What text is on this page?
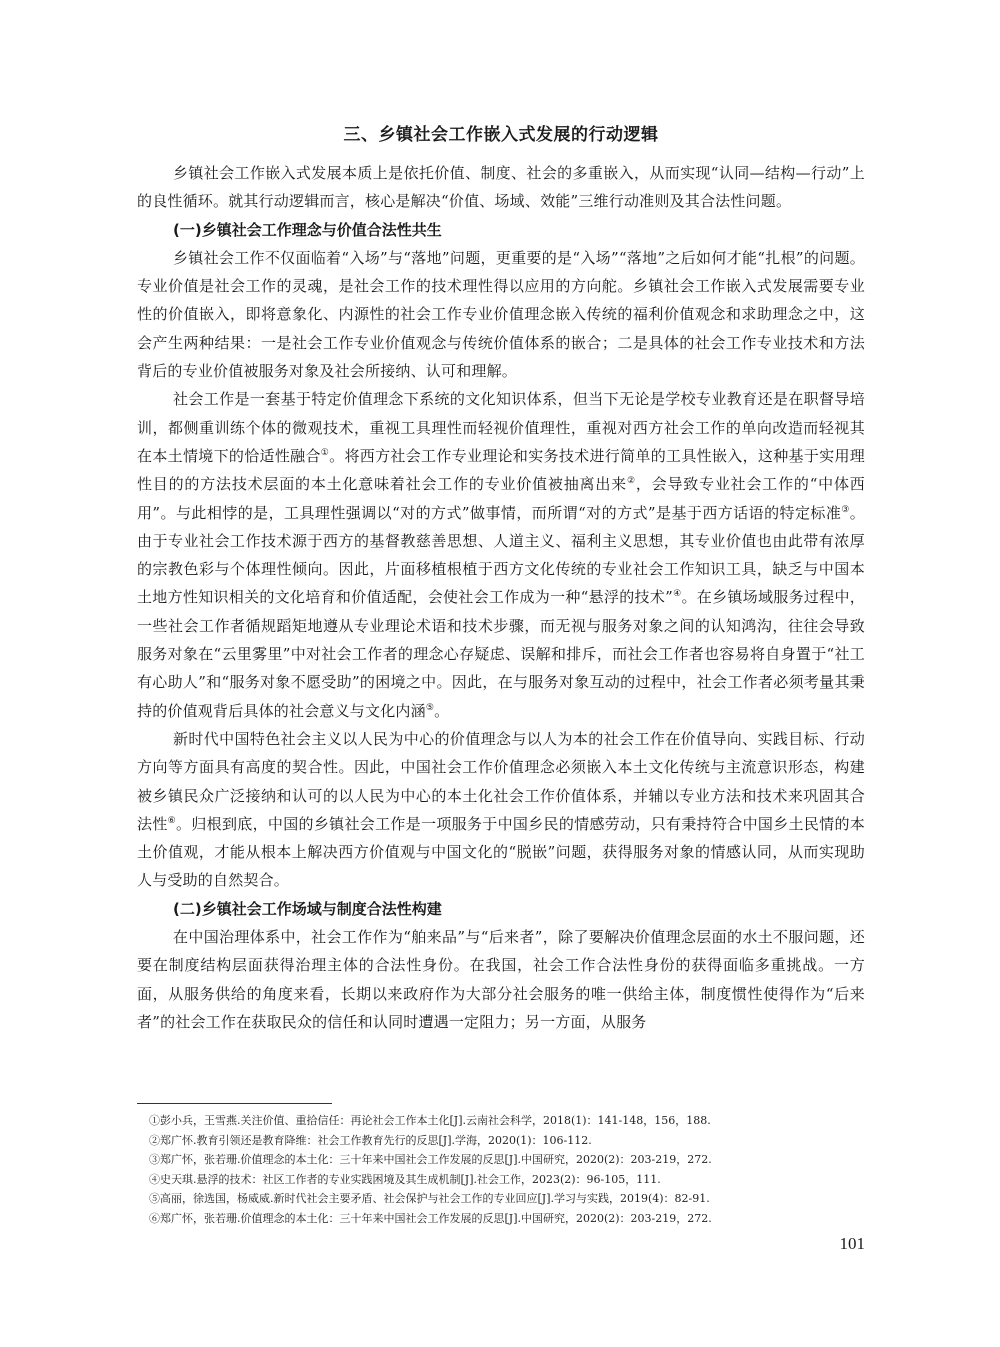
三、乡镇社会工作嵌入式发展的行动逻辑

乡镇社会工作嵌入式发展本质上是依托价值、制度、社会的多重嵌入，从而实现“认同—结构—行动”上的良性循环。就其行动逻辑而言，核心是解决“价值、场域、效能”三维行动准则及其合法性问题。

(一)乡镇社会工作理念与价值合法性共生

乡镇社会工作不仅面临着“入场”与“落地”问题，更重要的是“入场”“落地”之后如何才能“扎根”的问题。专业价值是社会工作的灵魂，是社会工作的技术理性得以应用的方向舵。乡镇社会工作嵌入式发展需要专业性的价值嵌入，即将意象化、内源性的社会工作专业价值理念嵌入传统的福利价值观念和求助理念之中，这会产生两种结果：一是社会工作专业价值观念与传统价值体系的嵌合；二是具体的社会工作专业技术和方法背后的专业价值被服务对象及社会所接纳、认可和理解。

社会工作是一套基于特定价值理念下系统的文化知识体系，但当下无论是学校专业教育还是在职督导培训，都侧重训练个体的微观技术，重视工具理性而轻视价值理性，重视对西方社会工作的单向改造而轻视其在本土情境下的恰适性融合①。将西方社会工作专业理论和实务技术进行简单的工具性嵌入，这种基于实用理性目的的方法技术层面的本土化意味着社会工作的专业价值被抽离出来②，会导致专业社会工作的“中体西用”。与此相悖的是，工具理性强调以“对的方式”做事情，而所谓“对的方式”是基于西方话语的特定标准③。由于专业社会工作技术源于西方的基督教慈善思想、人道主义、福利主义思想，其专业价值也由此带有浓厚的宗教色彩与个体理性倾向。因此，片面移植根植于西方文化传统的专业社会工作知识工具，缺乏与中国本土地方性知识相关的文化培育和价值适配，会使社会工作成为一种“悬浮的技术”④。在乡镇场域服务过程中，一些社会工作者循规蹈矩地遵从专业理论术语和技术步骤，而无视与服务对象之间的认知鸿沟，往往会导致服务对象在“云里雾里”中对社会工作者的理念心存疑虑、误解和排斥，而社会工作者也容易将自身置于“社工有心助人”和“服务对象不愿受助”的困境之中。因此，在与服务对象互动的过程中，社会工作者必须考量其秉持的价值观背后具体的社会意义与文化内涵⑤。

新时代中国特色社会主义以人民为中心的价值理念与以人为本的社会工作在价值导向、实践目标、行动方向等方面具有高度的契合性。因此，中国社会工作价值理念必须嵌入本土文化传统与主流意识形态，构建被乡镇民众广泛接纳和认可的以人民为中心的本土化社会工作价值体系，并辅以专业方法和技术来巩固其合法性⑥。归根到底，中国的乡镇社会工作是一项服务于中国乡民的情感劳动，只有秉持符合中国乡土民情的本土价值观，才能从根本上解决西方价值观与中国文化的“脱嵌”问题，获得服务对象的情感认同，从而实现助人与受助的自然契合。

(二)乡镇社会工作场域与制度合法性构建

在中国治理体系中，社会工作作为“舶来品”与“后来者”，除了要解决价值理念层面的水土不服问题，还要在制度结构层面获得治理主体的合法性身份。在我国，社会工作合法性身份的获得面临多重挑战。一方面，从服务供给的角度来看，长期以来政府作为大部分社会服务的唯一供给主体，制度惯性使得作为“后来者”的社会工作在获取民众的信任和认同时遭遇一定阻力；另一方面，从服务

①彭小兵，王雪燕.关注价值、重拾信任：再论社会工作本土化[J].云南社会科学，2018(1)：141-148，156，188.

②郑广怀.教育引领还是教育降维：社会工作教育先行的反思[J].学海，2020(1)：106-112.

③郑广怀，张若珊.价值理念的本土化：三十年来中国社会工作发展的反思[J].中国研究，2020(2)：203-219，272.

④史天琪.悬浮的技术：社区工作者的专业实践困境及其生成机制[J].社会工作，2023(2)：96-105，111.

⑤高丽，徐选国，杨威威.新时代社会主要矛盾、社会保护与社会工作的专业回应[J].学习与实践，2019(4)：82-91.

⑥郑广怀，张若珊.价值理念的本土化：三十年来中国社会工作发展的反思[J].中国研究，2020(2)：203-219，272.

101
